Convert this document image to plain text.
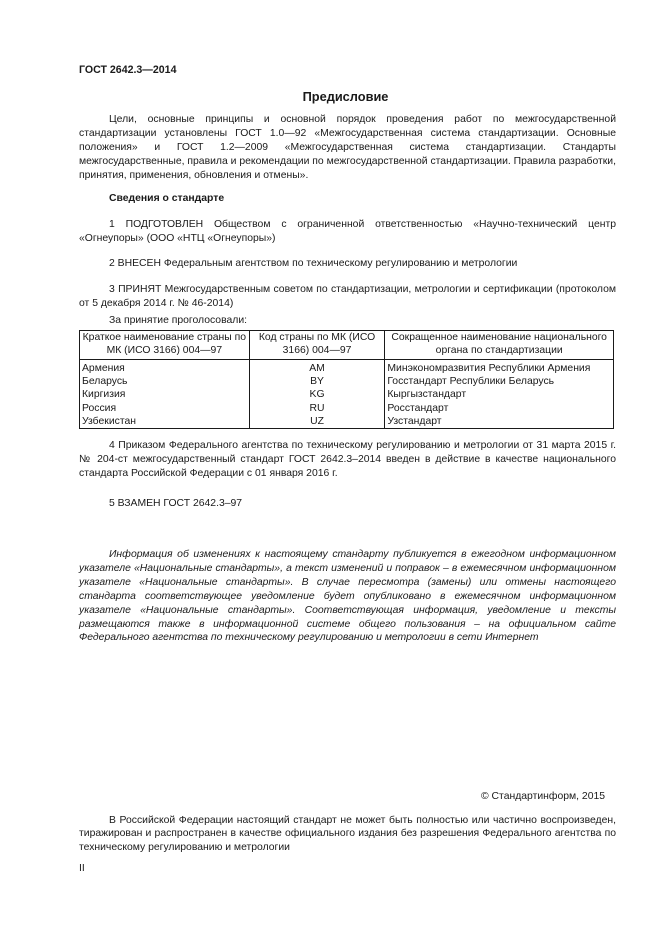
ГОСТ 2642.3—2014
Предисловие

Цели, основные принципы и основной порядок проведения работ по межгосударственной стандартизации установлены ГОСТ 1.0—92 «Межгосударственная система стандартизации. Основные положения» и ГОСТ 1.2—2009 «Межгосударственная система стандартизации. Стандарты межгосударственные, правила и рекомендации по межгосударственной стандартизации. Правила разработки, принятия, применения, обновления и отмены».

Сведения о стандарте

1 ПОДГОТОВЛЕН Обществом с ограниченной ответственностью «Научно-технический центр «Огнеупоры» (ООО «НТЦ «Огнеупоры»)

2 ВНЕСЕН Федеральным агентством по техническому регулированию и метрологии

3 ПРИНЯТ Межгосударственным советом по стандартизации, метрологии и сертификации (протоколом от 5 декабря 2014 г. № 46-2014)

За принятие проголосовали:
Краткое наименование страны по МК (ИСО 3166) 004—97	Код страны по МК (ИСО 3166) 004—97	Сокращенное наименование национального органа по стандартизации
Армения	AM	Минэкономразвития Республики Армения
Беларусь	BY	Госстандарт Республики Беларусь
Киргизия	KG	Кыргызстандарт
Россия	RU	Росстандарт
Узбекистан	UZ	Узстандарт

4 Приказом Федерального агентства по техническому регулированию и метрологии от 31 марта 2015 г. № 204-ст межгосударственный стандарт ГОСТ 2642.3–2014 введен в действие в качестве национального стандарта Российской Федерации с 01 января 2016 г.

5 ВЗАМЕН ГОСТ 2642.3–97

Информация об изменениях к настоящему стандарту публикуется в ежегодном информационном указателе «Национальные стандарты», а текст изменений и поправок – в ежемесячном информационном указателе «Национальные стандарты». В случае пересмотра (замены) или отмены настоящего стандарта соответствующее уведомление будет опубликовано в ежемесячном информационном указателе «Национальные стандарты». Соответствующая информация, уведомление и тексты размещаются также в информационной системе общего пользования – на официальном сайте Федерального агентства по техническому регулированию и метрологии в сети Интернет

© Стандартинформ, 2015

В Российской Федерации настоящий стандарт не может быть полностью или частично воспроизведен, тиражирован и распространен в качестве официального издания без разрешения Федерального агентства по техническому регулированию и метрологии

II
